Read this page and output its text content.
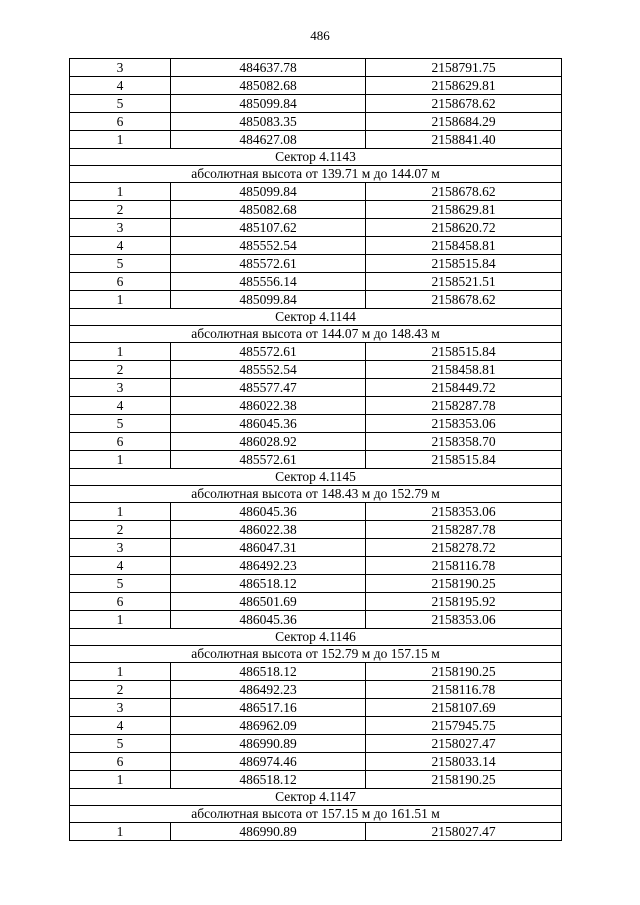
486
3	484637.78	2158791.75
4	485082.68	2158629.81
5	485099.84	2158678.62
6	485083.35	2158684.29
1	484627.08	2158841.40
Сектор 4.1143		
абсолютная высота от 139.71 м до 144.07 м		
1	485099.84	2158678.62
2	485082.68	2158629.81
3	485107.62	2158620.72
4	485552.54	2158458.81
5	485572.61	2158515.84
6	485556.14	2158521.51
1	485099.84	2158678.62
Сектор 4.1144		
абсолютная высота от 144.07 м до 148.43 м		
1	485572.61	2158515.84
2	485552.54	2158458.81
3	485577.47	2158449.72
4	486022.38	2158287.78
5	486045.36	2158353.06
6	486028.92	2158358.70
1	485572.61	2158515.84
Сектор 4.1145		
абсолютная высота от 148.43 м до 152.79 м		
1	486045.36	2158353.06
2	486022.38	2158287.78
3	486047.31	2158278.72
4	486492.23	2158116.78
5	486518.12	2158190.25
6	486501.69	2158195.92
1	486045.36	2158353.06
Сектор 4.1146		
абсолютная высота от 152.79 м до 157.15 м		
1	486518.12	2158190.25
2	486492.23	2158116.78
3	486517.16	2158107.69
4	486962.09	2157945.75
5	486990.89	2158027.47
6	486974.46	2158033.14
1	486518.12	2158190.25
Сектор 4.1147		
абсолютная высота от 157.15 м до 161.51 м		
1	486990.89	2158027.47
